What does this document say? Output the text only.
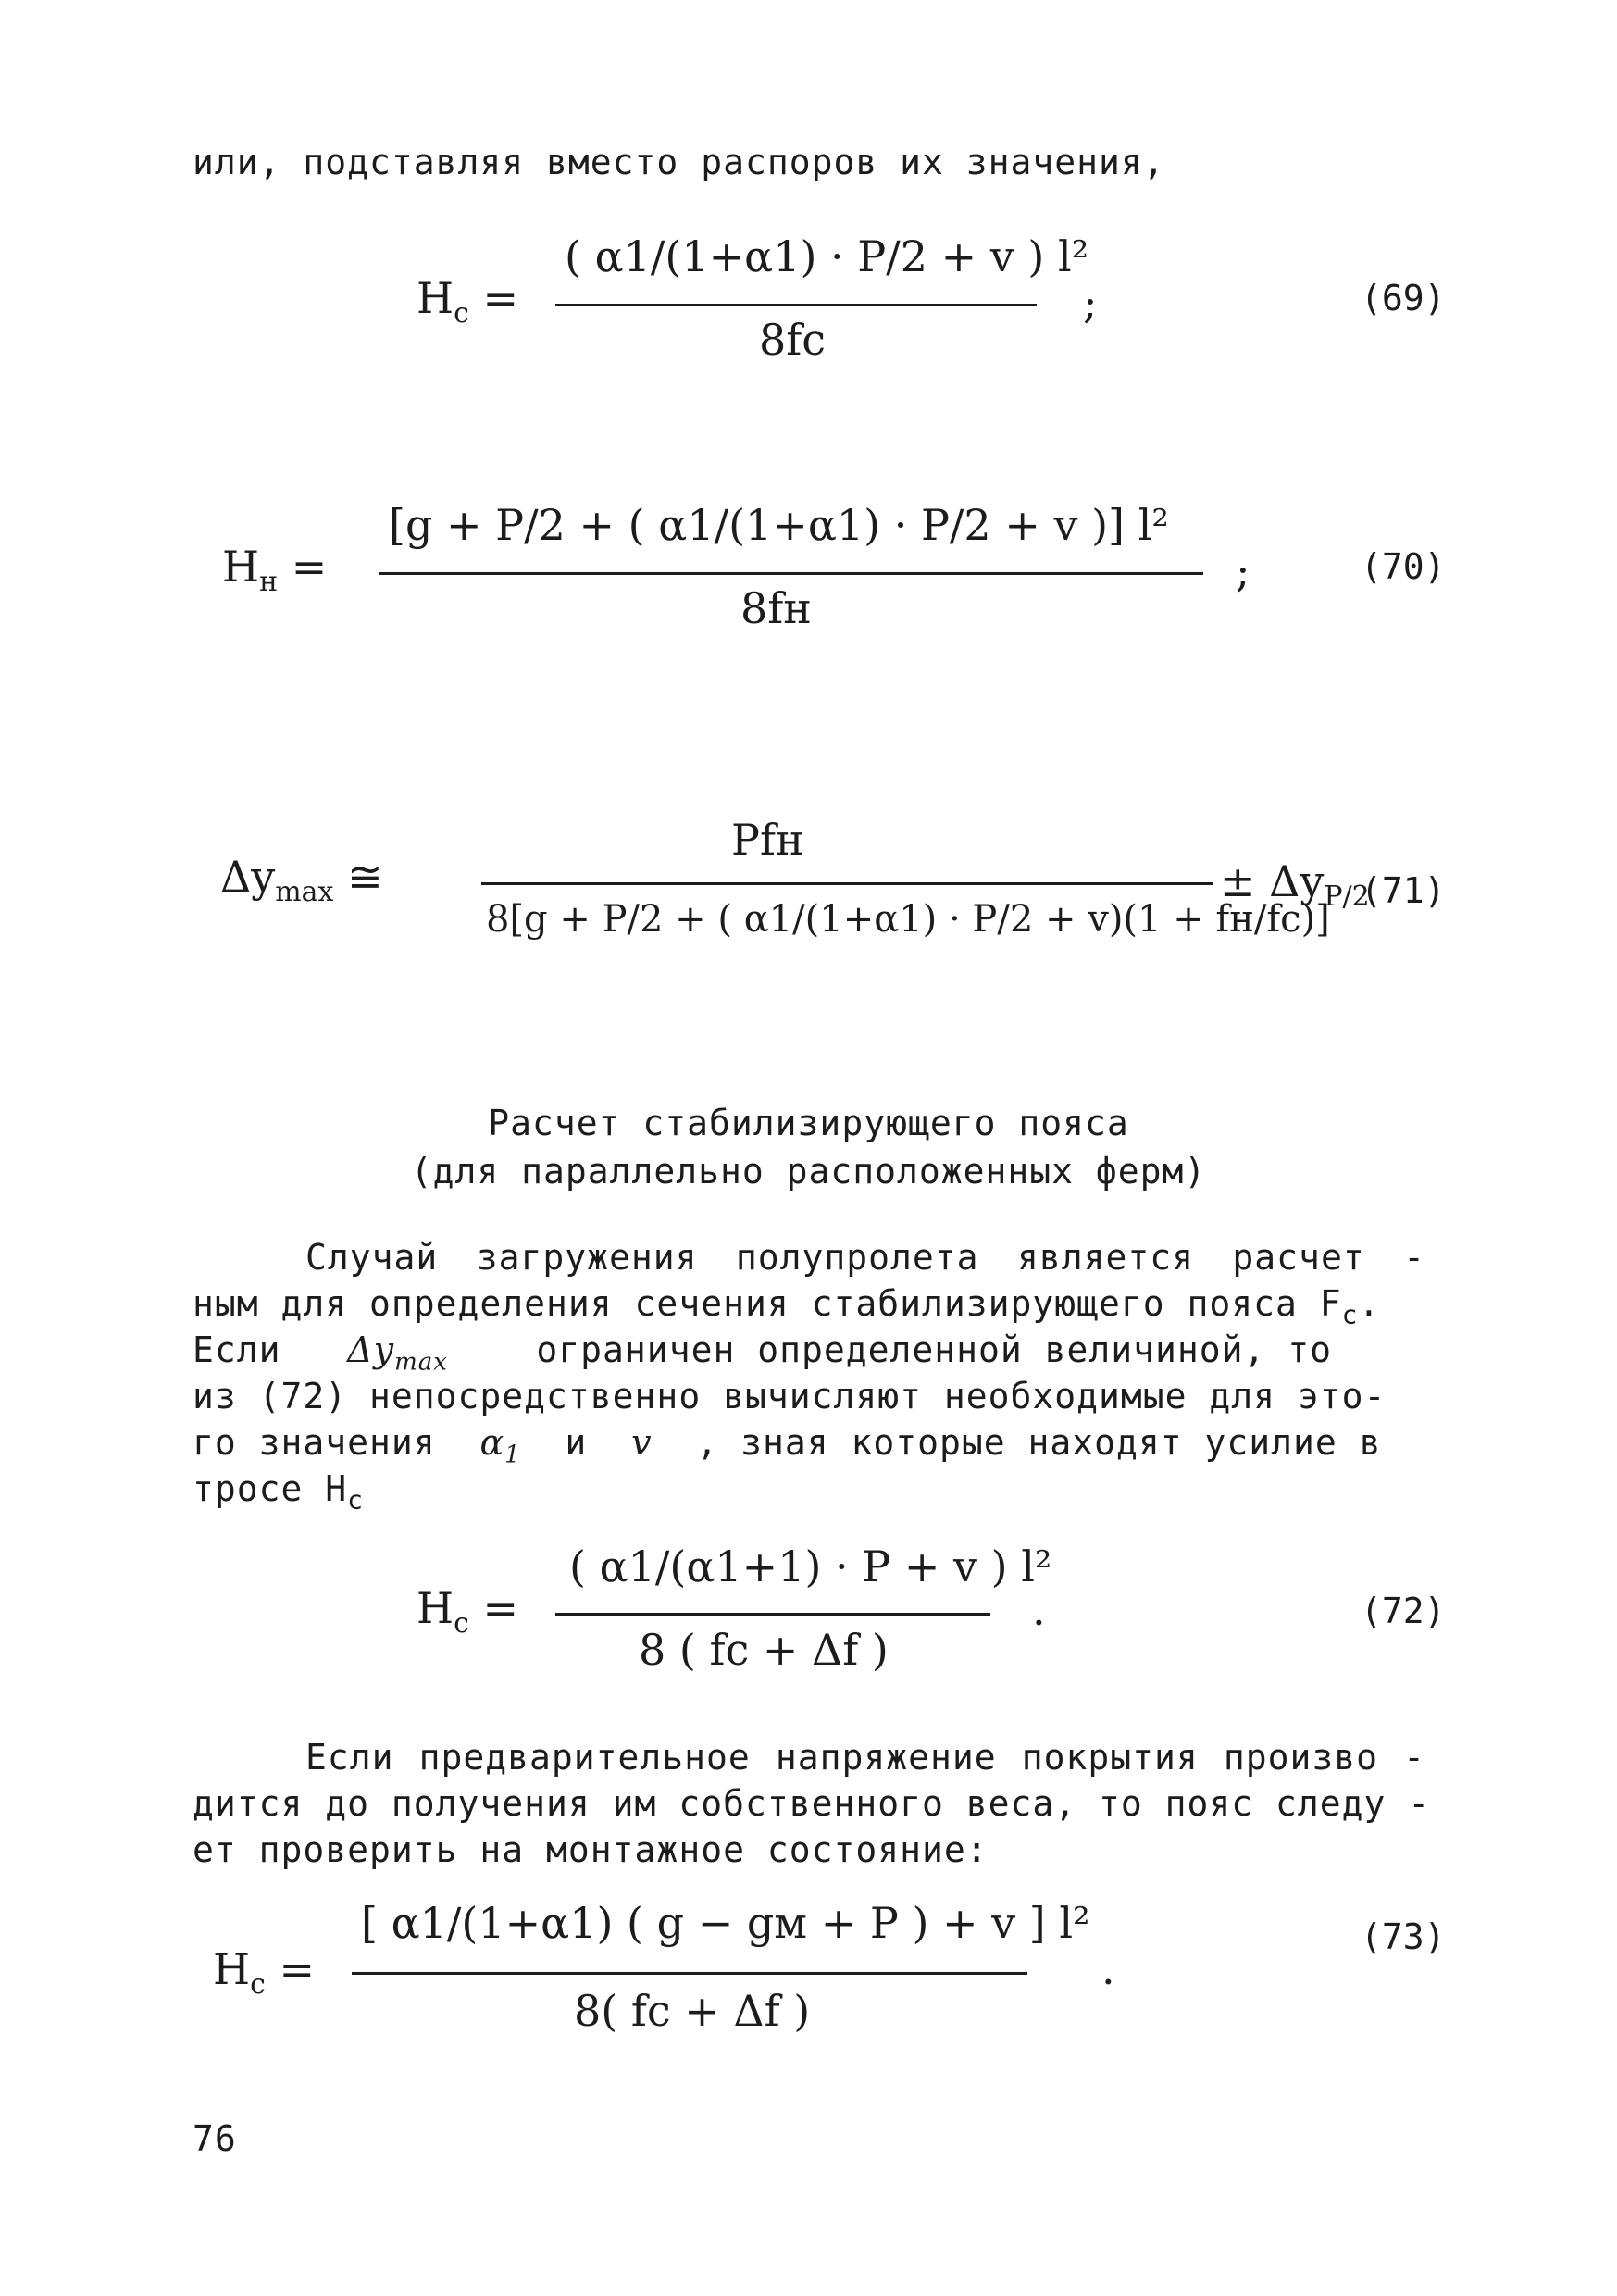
или, подставляя вместо распоров их значения,
$H_c$ =
( α1/(1+α1) · P/2 + v ) l²
8fc
;	(69)
$H_н$ =
[g + P/2 + ( α1/(1+α1) · P/2 + v )] l²
8fн
;	(70)
$\Delta y_{max}$ ≅
Pfн
8[g + P/2 + ( α1/(1+α1) · P/2 + v)(1 + fн/fc)]
± $\Delta y_{P/2}$
(71)
Расчет стабилизирующего пояса
(для параллельно расположенных ферм)
Случай загружения полупролета является расчет -
ным для определения сечения стабилизирующего пояса $F_c$.
Если $\Delta y_{max}$	ограничен определенной величиной, то
из (72) непосредственно вычисляют необходимые для это-
го значения $\alpha_1$ и v , зная которые находят усилие в
тросе $H_c$
$H_c$ =
( α1/(α1+1) · P + v ) l²
8 ( fc + Δf )
.	(72)
Если предварительное напряжение покрытия произво -
дится до получения им собственного веса, то пояс следу -
ет проверить на монтажное состояние:
$H_c$ =
[ α1/(1+α1) ( g − gм + P ) + v ] l²
8( fc + Δf )
.
(73)
76
